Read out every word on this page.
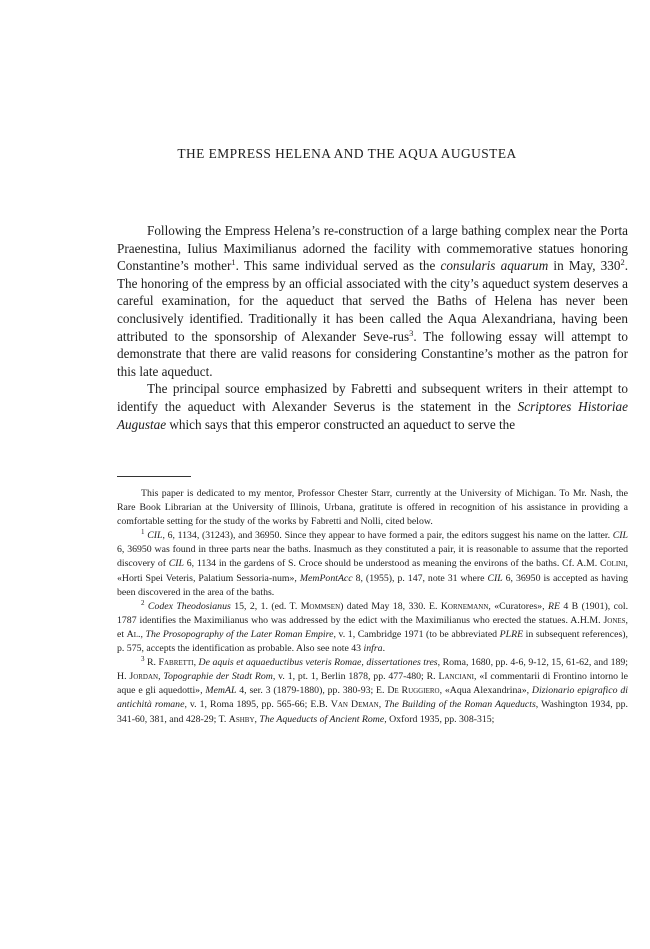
THE EMPRESS HELENA AND THE AQUA AUGUSTEA

Following the Empress Helena’s re-construction of a large bathing complex near the Porta Praenestina, Iulius Maximilianus adorned the facility with commemorative statues honoring Constantine’s mother$^1$. This same individual served as the consularis aquarum in May, $330^2$. The honoring of the empress by an official associated with the city’s aqueduct system deserves a careful examination, for the aqueduct that served the Baths of Helena has never been conclusively identified. Traditionally it has been called the Aqua Alexandriana, having been attributed to the sponsorship of Alexander Seve-rus$^3$. The following essay will attempt to demonstrate that there are valid reasons for considering Constantine’s mother as the patron for this late aqueduct.

The principal source emphasized by Fabretti and subsequent writers in their attempt to identify the aqueduct with Alexander Severus is the statement in the Scriptores Historiae Augustae which says that this emperor constructed an aqueduct to serve the

This paper is dedicated to my mentor, Professor Chester Starr, currently at the University of Michigan. To Mr. Nash, the Rare Book Librarian at the University of Illinois, Urbana, gratitute is offered in recognition of his assistance in providing a comfortable setting for the study of the works by Fabretti and Nolli, cited below.

$^1$ CIL, 6, 1134, (31243), and 36950. Since they appear to have formed a pair, the editors suggest his name on the latter. CIL 6, 36950 was found in three parts near the baths. Inasmuch as they constituted a pair, it is reasonable to assume that the reported discovery of CIL 6, 1134 in the gardens of S. Croce should be understood as meaning the environs of the baths. Cf. A.M. Colini, «Horti Spei Veteris, Palatium Sessoria-num», MemPontAcc 8, (1955), p. 147, note 31 where CIL 6, 36950 is accepted as having been discovered in the area of the baths.

$^2$ Codex Theodosianus 15, 2, 1. (ed. T. Mommsen) dated May 18, 330. E. Kornemann, «Curatores», RE 4 B (1901), col. 1787 identifies the Maximilianus who was addressed by the edict with the Maximilianus who erected the statues. A.H.M. Jones, et Al., The Prosopography of the Later Roman Empire, v. 1, Cambridge 1971 (to be abbreviated PLRE in subsequent references), p. 575, accepts the identification as probable. Also see note 43 infra.

$^3$ R. Fabretti, De aquis et aquaeductibus veteris Romae, dissertationes tres, Roma, 1680, pp. 4-6, 9-12, 15, 61-62, and 189; H. Jordan, Topographie der Stadt Rom, v. 1, pt. 1, Berlin 1878, pp. 477-480; R. Lanciani, «I commentarii di Frontino intorno le aque e gli aquedotti», MemAL 4, ser. 3 (1879-1880), pp. 380-93; E. De Ruggiero, «Aqua Alexandrina», Dizionario epigrafico di antichità romane, v. 1, Roma 1895, pp. 565-66; E.B. Van Deman, The Building of the Roman Aqueducts, Washington 1934, pp. 341-60, 381, and 428-29; T. Ashby, The Aqueducts of Ancient Rome, Oxford 1935, pp. 308-315;
